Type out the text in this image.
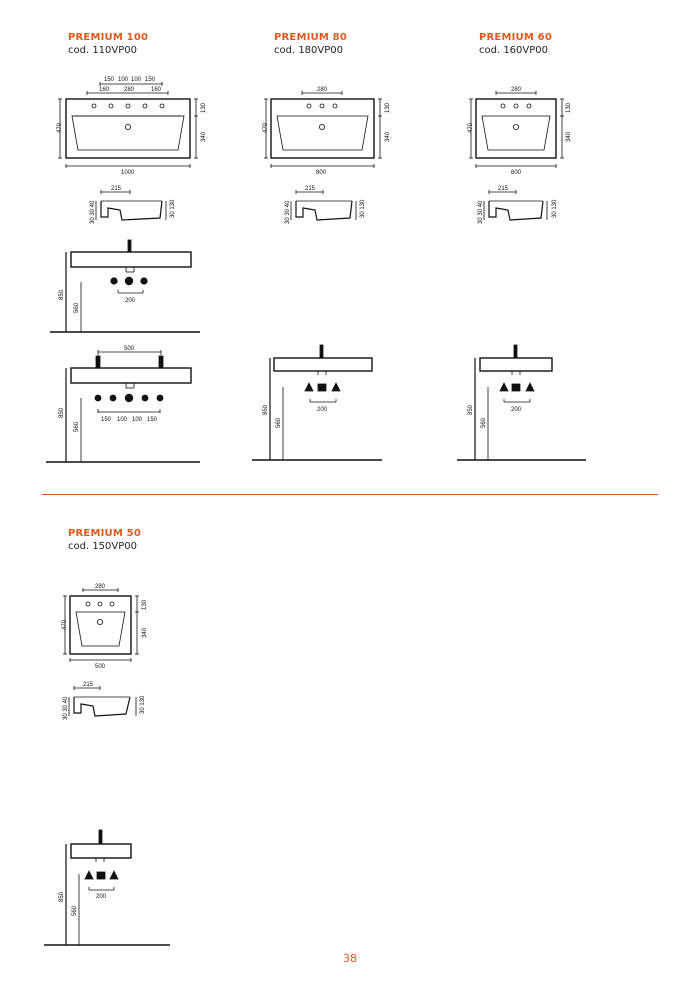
PREMIUM 100
cod. 110VP00
PREMIUM 80
cod. 180VP00
PREMIUM 60
cod. 160VP00
PREMIUM 50
cod. 150VP00
150 100 100 150
160 280	160
470
130
340
1000
215
30 30 40	30 130
850
560
200
500
850
560
150 100 100 150
280
470
130
340
800
215
30 30 40	30 130
850
560
200
280
470
130
340
600
215
30 30 40	30 130
850
560
200
280
470
130
340
500
215
30 30 40	30 130
850
560
200
38
